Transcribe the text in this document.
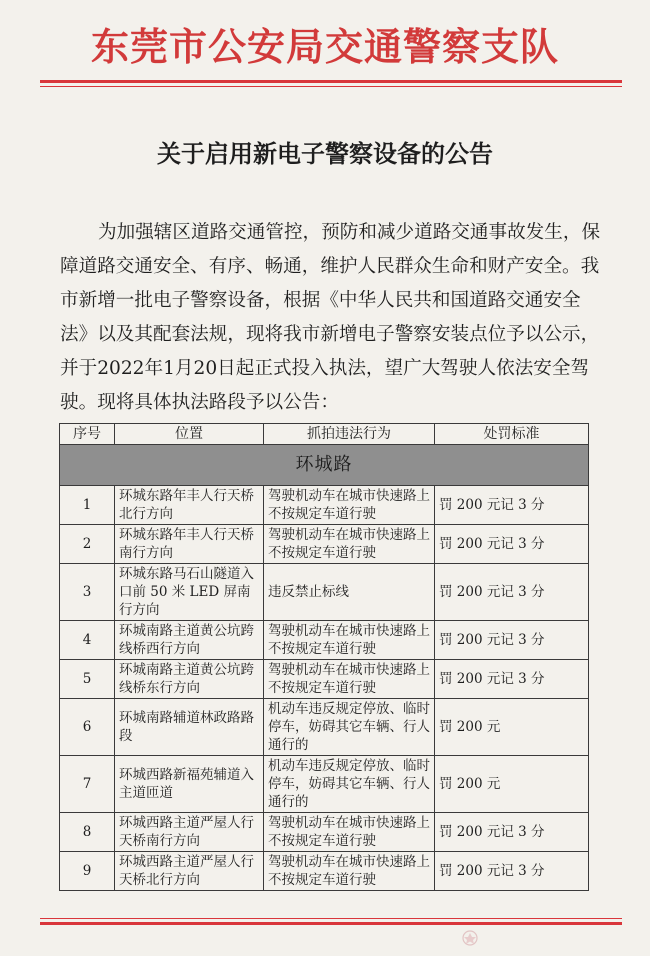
东莞市公安局交通警察支队
关于启用新电子警察设备的公告

为加强辖区道路交通管控，预防和减少道路交通事故发生，保障道路交通安全、有序、畅通，维护人民群众生命和财产安全。我市新增一批电子警察设备，根据《中华人民共和国道路交通安全法》以及其配套法规，现将我市新增电子警察安装点位予以公示，并于2022年1月20日起正式投入执法，望广大驾驶人依法安全驾驶。现将具体执法路段予以公告：

序号	位置	抓拍违法行为	处罚标准
环城路			
1	环城东路年丰人行天桥北行方向	驾驶机动车在城市快速路上不按规定车道行驶	罚 200 元记 3 分
2	环城东路年丰人行天桥南行方向	驾驶机动车在城市快速路上不按规定车道行驶	罚 200 元记 3 分
3	环城东路马石山隧道入口前 50 米 LED 屏南行方向	违反禁止标线	罚 200 元记 3 分
4	环城南路主道黄公坑跨线桥西行方向	驾驶机动车在城市快速路上不按规定车道行驶	罚 200 元记 3 分
5	环城南路主道黄公坑跨线桥东行方向	驾驶机动车在城市快速路上不按规定车道行驶	罚 200 元记 3 分
6	环城南路辅道林政路路段	机动车违反规定停放、临时停车，妨碍其它车辆、行人通行的	罚 200 元
7	环城西路新福苑辅道入主道匝道	机动车违反规定停放、临时停车，妨碍其它车辆、行人通行的	罚 200 元
8	环城西路主道严屋人行天桥南行方向	驾驶机动车在城市快速路上不按规定车道行驶	罚 200 元记 3 分
9	环城西路主道严屋人行天桥北行方向	驾驶机动车在城市快速路上不按规定车道行驶	罚 200 元记 3 分
